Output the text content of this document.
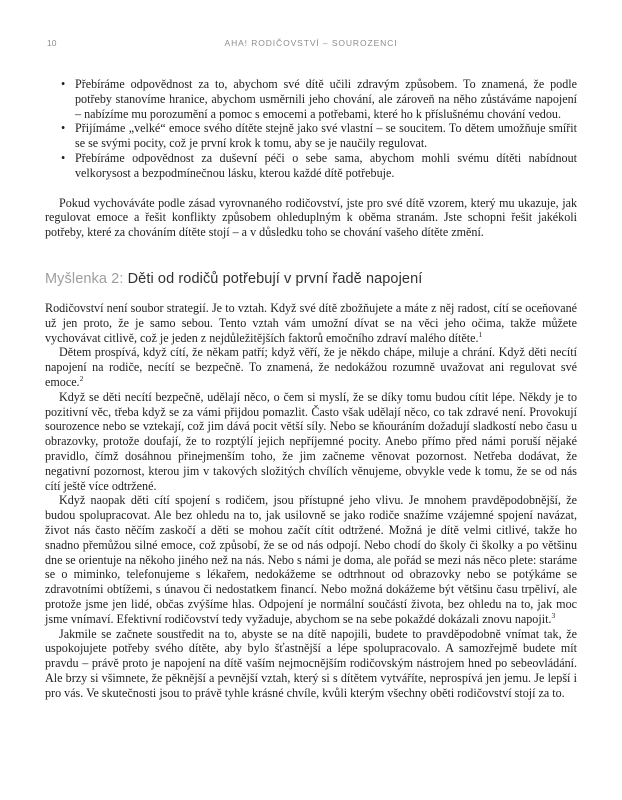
10	AHA! RODIČOVSTVÍ – SOUROZENCI
• Přebíráme odpovědnost za to, abychom své dítě učili zdravým způsobem. To znamená, že podle potřeby stanovíme hranice, abychom usměrnili jeho chování, ale zároveň na něho zůstáváme napojení – nabízíme mu porozumění a pomoc s emocemi a potřebami, které ho k příslušnému chování vedou.
• Přijímáme „velké“ emoce svého dítěte stejně jako své vlastní – se soucitem. To dětem umožňuje smířit se se svými pocity, což je první krok k tomu, aby se je naučily regulovat.
• Přebíráme odpovědnost za duševní péči o sebe sama, abychom mohli svému dítěti nabídnout velkorysost a bezpodmínečnou lásku, kterou každé dítě potřebuje.

Pokud vychováváte podle zásad vyrovnaného rodičovství, jste pro své dítě vzorem, který mu ukazuje, jak regulovat emoce a řešit konflikty způsobem ohleduplným k oběma stranám. Jste schopni řešit jakékoli potřeby, které za chováním dítěte stojí – a v důsledku toho se chování vašeho dítěte změní.

Myšlenka 2: Děti od rodičů potřebují v první řadě napojení

Rodičovství není soubor strategií. Je to vztah. Když své dítě zbožňujete a máte z něj radost, cítí se oceňované už jen proto, že je samo sebou. Tento vztah vám umožní dívat se na věci jeho očima, takže můžete vychovávat citlivě, což je jeden z nejdůležitějších faktorů emočního zdraví malého dítěte.$^1$

Dětem prospívá, když cítí, že někam patří; když věří, že je někdo chápe, miluje a chrání. Když děti necítí napojení na rodiče, necítí se bezpečně. To znamená, že nedokážou rozumně uvažovat ani regulovat své emoce.$^2$

Když se děti necítí bezpečně, udělají něco, o čem si myslí, že se díky tomu budou cítit lépe. Někdy je to pozitivní věc, třeba když se za vámi přijdou pomazlit. Často však udělají něco, co tak zdravé není. Provokují sourozence nebo se vztekají, což jim dává pocit větší síly. Nebo se kňouráním dožadují sladkostí nebo času u obrazovky, protože doufají, že to rozptýlí jejich nepříjemné pocity. Anebo přímo před námi poruší nějaké pravidlo, čímž dosáhnou přinejmenším toho, že jim začneme věnovat pozornost. Netřeba dodávat, že negativní pozornost, kterou jim v takových složitých chvílích věnujeme, obvykle vede k tomu, že se od nás cítí ještě více odtržené.

Když naopak děti cítí spojení s rodičem, jsou přístupné jeho vlivu. Je mnohem pravděpodobnější, že budou spolupracovat. Ale bez ohledu na to, jak usilovně se jako rodiče snažíme vzájemné spojení navázat, život nás často něčím zaskočí a děti se mohou začít cítit odtržené. Možná je dítě velmi citlivé, takže ho snadno přemůžou silné emoce, což způsobí, že se od nás odpojí. Nebo chodí do školy či školky a po většinu dne se orientuje na někoho jiného než na nás. Nebo s námi je doma, ale pořád se mezi nás něco plete: staráme se o miminko, telefonujeme s lékařem, nedokážeme se odtrhnout od obrazovky nebo se potýkáme se zdravotními obtížemi, s únavou či nedostatkem financí. Nebo možná dokážeme být většinu času trpěliví, ale protože jsme jen lidé, občas zvýšíme hlas. Odpojení je normální součástí života, bez ohledu na to, jak moc jsme vnímaví. Efektivní rodičovství tedy vyžaduje, abychom se na sebe pokaždé dokázali znovu napojit.$^3$

Jakmile se začnete soustředit na to, abyste se na dítě napojili, budete to pravděpodobně vnímat tak, že uspokojujete potřeby svého dítěte, aby bylo šťastnější a lépe spolupracovalo. A samozřejmě budete mít pravdu – právě proto je napojení na dítě vaším nejmocnějším rodičovským nástrojem hned po sebeovládání. Ale brzy si všimnete, že pěknější a pevnější vztah, který si s dítětem vytváříte, neprospívá jen jemu. Je lepší i pro vás. Ve skutečnosti jsou to právě tyhle krásné chvíle, kvůli kterým všechny oběti rodičovství stojí za to.
